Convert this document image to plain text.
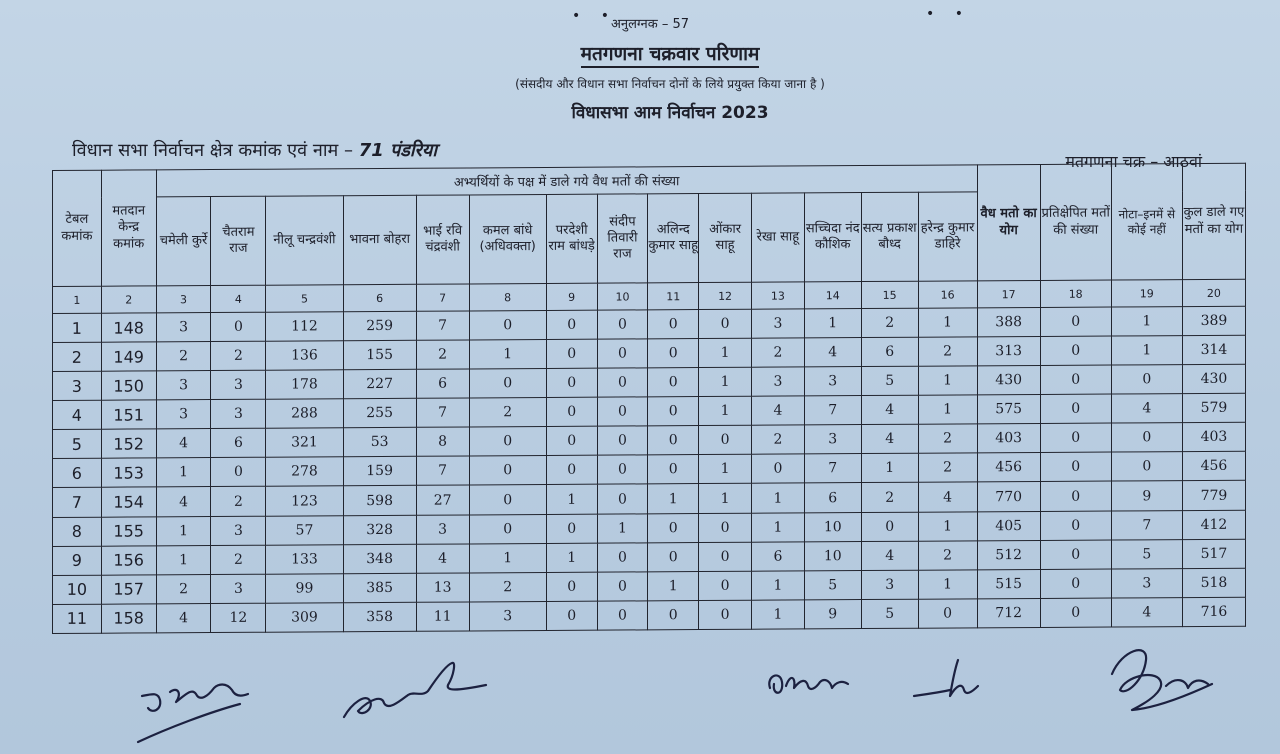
• •	• •
अनुलग्नक – 57
मतगणना चक्रवार परिणाम
(संसदीय और विधान सभा निर्वाचन दोनों के लिये प्रयुक्त किया जाना है )
विधासभा आम निर्वाचन 2023
विधान सभा निर्वाचन क्षेत्र कमांक एवं नाम – 71 पंडरिया
मतगणना चक्र – आठवां
टेबल कमांक	मतदान केन्द्र कमांक	अभ्यर्थियों के पक्ष में डाले गये वैध मतों की संख्या														वैध मतो का योग	प्रतिक्षेपित मतों की संख्या	नोटा–इनमें से कोई नहीं	कुल डाले गए मतों का योग
		चमेली कुर्रे	चैतराम राज	नीलू चन्द्रवंशी	भावना बोहरा	भाई रवि चंद्रवंशी	कमल बांधे (अधिवक्ता)	परदेशी राम बांधड़े	संदीप तिवारी राज	अलिन्द कुमार साहू	ओंकार साहू	रेखा साहू	सच्चिदा नंद कौशिक	सत्य प्रकाश बौध्द	हरेन्द्र कुमार डाहिरे				
1	2	3	4	5	6	7	8	9	10	11	12	13	14	15	16	17	18	19	20
1	148	3	0	112	259	7	0	0	0	0	0	3	1	2	1	388	0	1	389
2	149	2	2	136	155	2	1	0	0	0	1	2	4	6	2	313	0	1	314
3	150	3	3	178	227	6	0	0	0	0	1	3	3	5	1	430	0	0	430
4	151	3	3	288	255	7	2	0	0	0	1	4	7	4	1	575	0	4	579
5	152	4	6	321	53	8	0	0	0	0	0	2	3	4	2	403	0	0	403
6	153	1	0	278	159	7	0	0	0	0	1	0	7	1	2	456	0	0	456
7	154	4	2	123	598	27	0	1	0	1	1	1	6	2	4	770	0	9	779
8	155	1	3	57	328	3	0	0	1	0	0	1	10	0	1	405	0	7	412
9	156	1	2	133	348	4	1	1	0	0	0	6	10	4	2	512	0	5	517
10	157	2	3	99	385	13	2	0	0	1	0	1	5	3	1	515	0	3	518
11	158	4	12	309	358	11	3	0	0	0	0	1	9	5	0	712	0	4	716
